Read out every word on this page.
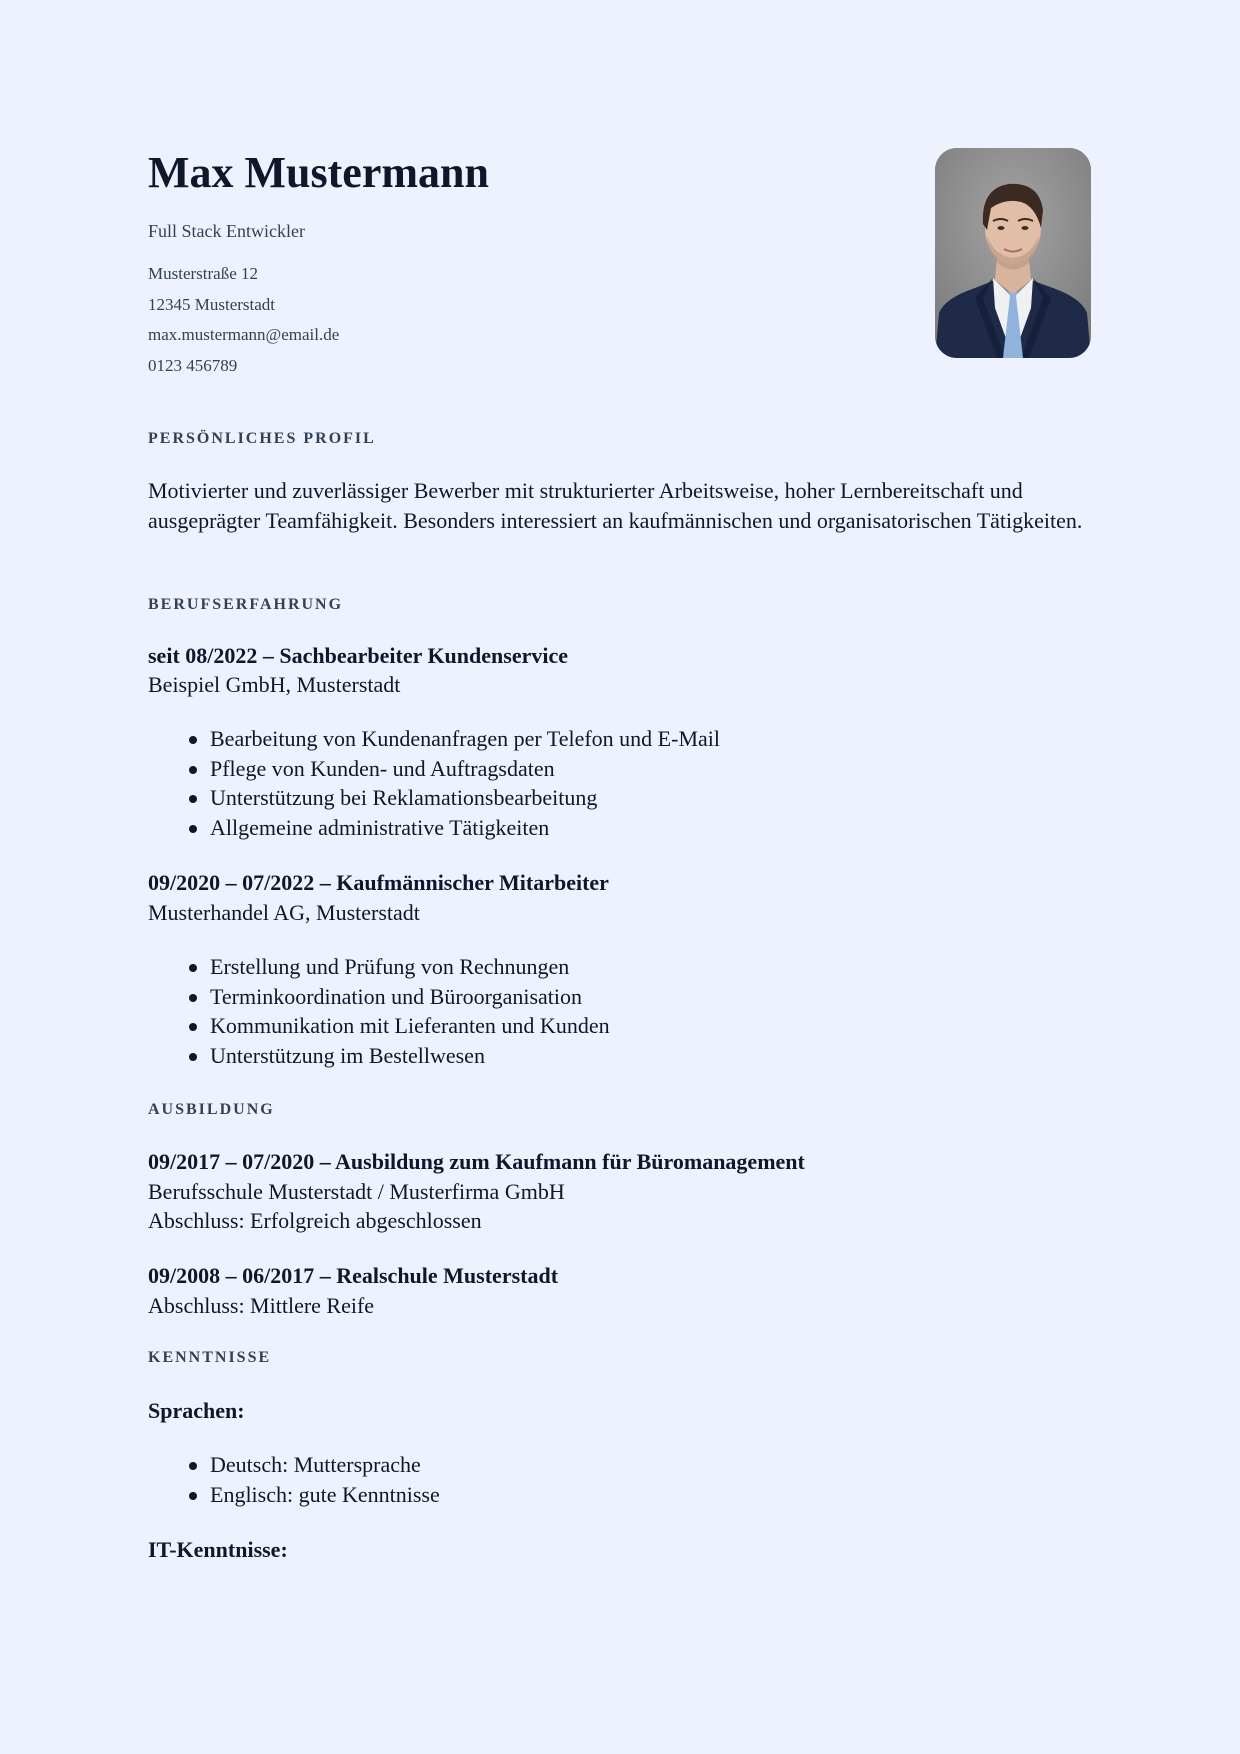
Max Mustermann
Full Stack Entwickler
Musterstraße 12
12345 Musterstadt
max.mustermann@email.de
0123 456789
PERSÖNLICHES PROFIL
Motivierter und zuverlässiger Bewerber mit strukturierter Arbeitsweise, hoher Lernbereitschaft und ausgeprägter Teamfähigkeit. Besonders interessiert an kaufmännischen und organisatorischen Tätigkeiten.
BERUFSERFAHRUNG
seit 08/2022 – Sachbearbeiter Kundenservice
Beispiel GmbH, Musterstadt
Bearbeitung von Kundenanfragen per Telefon und E-Mail
Pflege von Kunden- und Auftragsdaten
Unterstützung bei Reklamationsbearbeitung
Allgemeine administrative Tätigkeiten
09/2020 – 07/2022 – Kaufmännischer Mitarbeiter
Musterhandel AG, Musterstadt
Erstellung und Prüfung von Rechnungen
Terminkoordination und Büroorganisation
Kommunikation mit Lieferanten und Kunden
Unterstützung im Bestellwesen
AUSBILDUNG
09/2017 – 07/2020 – Ausbildung zum Kaufmann für Büromanagement
Berufsschule Musterstadt / Musterfirma GmbH
Abschluss: Erfolgreich abgeschlossen
09/2008 – 06/2017 – Realschule Musterstadt
Abschluss: Mittlere Reife
KENNTNISSE
Sprachen:
Deutsch: Muttersprache
Englisch: gute Kenntnisse
IT-Kenntnisse:
